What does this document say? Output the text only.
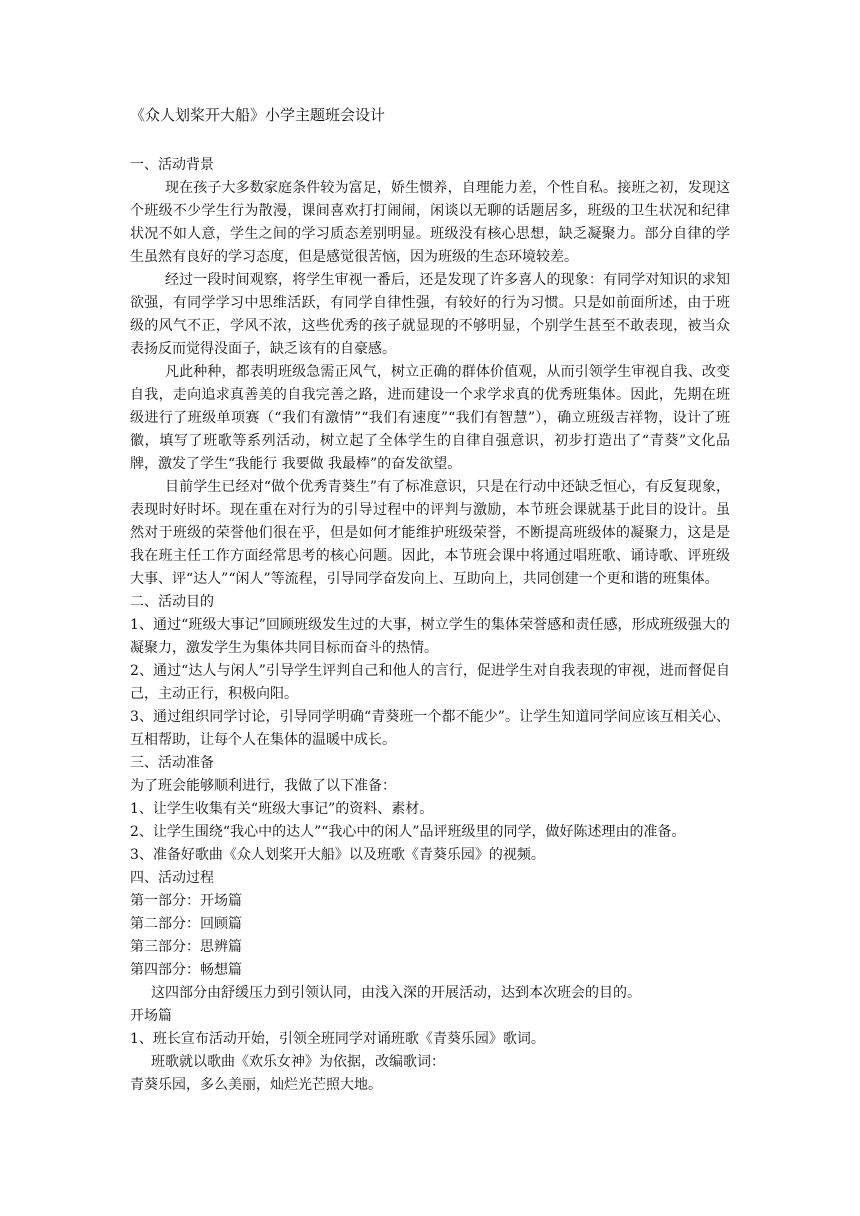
《众人划桨开大船》小学主题班会设计
一、活动背景

现在孩子大多数家庭条件较为富足，娇生惯养，自理能力差，个性自私。接班之初，发现这个班级不少学生行为散漫，课间喜欢打打闹闹，闲谈以无聊的话题居多，班级的卫生状况和纪律状况不如人意，学生之间的学习质态差别明显。班级没有核心思想，缺乏凝聚力。部分自律的学生虽然有良好的学习态度，但是感觉很苦恼，因为班级的生态环境较差。

经过一段时间观察，将学生审视一番后，还是发现了许多喜人的现象：有同学对知识的求知欲强，有同学学习中思维活跃，有同学自律性强，有较好的行为习惯。只是如前面所述，由于班级的风气不正，学风不浓，这些优秀的孩子就显现的不够明显，个别学生甚至不敢表现，被当众表扬反而觉得没面子，缺乏该有的自豪感。

凡此种种，都表明班级急需正风气，树立正确的群体价值观，从而引领学生审视自我、改变自我，走向追求真善美的自我完善之路，进而建设一个求学求真的优秀班集体。因此，先期在班级进行了班级单项赛（“我们有激情”“我们有速度”“我们有智慧”），确立班级吉祥物，设计了班徽，填写了班歌等系列活动，树立起了全体学生的自律自强意识，初步打造出了“青葵”文化品牌，激发了学生“我能行 我要做 我最棒”的奋发欲望。

目前学生已经对“做个优秀青葵生”有了标准意识，只是在行动中还缺乏恒心，有反复现象，表现时好时坏。现在重在对行为的引导过程中的评判与激励，本节班会课就基于此目的设计。虽然对于班级的荣誉他们很在乎，但是如何才能维护班级荣誉，不断提高班级体的凝聚力，这是是我在班主任工作方面经常思考的核心问题。因此，本节班会课中将通过唱班歌、诵诗歌、评班级大事、评“达人”“闲人”等流程，引导同学奋发向上、互助向上，共同创建一个更和谐的班集体。

二、活动目的

1、通过“班级大事记”回顾班级发生过的大事，树立学生的集体荣誉感和责任感，形成班级强大的凝聚力，激发学生为集体共同目标而奋斗的热情。

2、通过“达人与闲人”引导学生评判自己和他人的言行，促进学生对自我表现的审视，进而督促自己，主动正行，积极向阳。

3、通过组织同学讨论，引导同学明确“青葵班一个都不能少”。让学生知道同学间应该互相关心、互相帮助，让每个人在集体的温暖中成长。

三、活动准备

为了班会能够顺利进行，我做了以下准备：

1、让学生收集有关“班级大事记”的资料、素材。

2、让学生围绕“我心中的达人”“我心中的闲人”品评班级里的同学，做好陈述理由的准备。

3、准备好歌曲《众人划桨开大船》以及班歌《青葵乐园》的视频。

四、活动过程

第一部分：开场篇

第二部分：回顾篇

第三部分：思辨篇

第四部分：畅想篇

这四部分由舒缓压力到引领认同，由浅入深的开展活动，达到本次班会的目的。

开场篇

1、班长宣布活动开始，引领全班同学对诵班歌《青葵乐园》歌词。

班歌就以歌曲《欢乐女神》为依据，改编歌词：

青葵乐园，多么美丽，灿烂光芒照大地。
